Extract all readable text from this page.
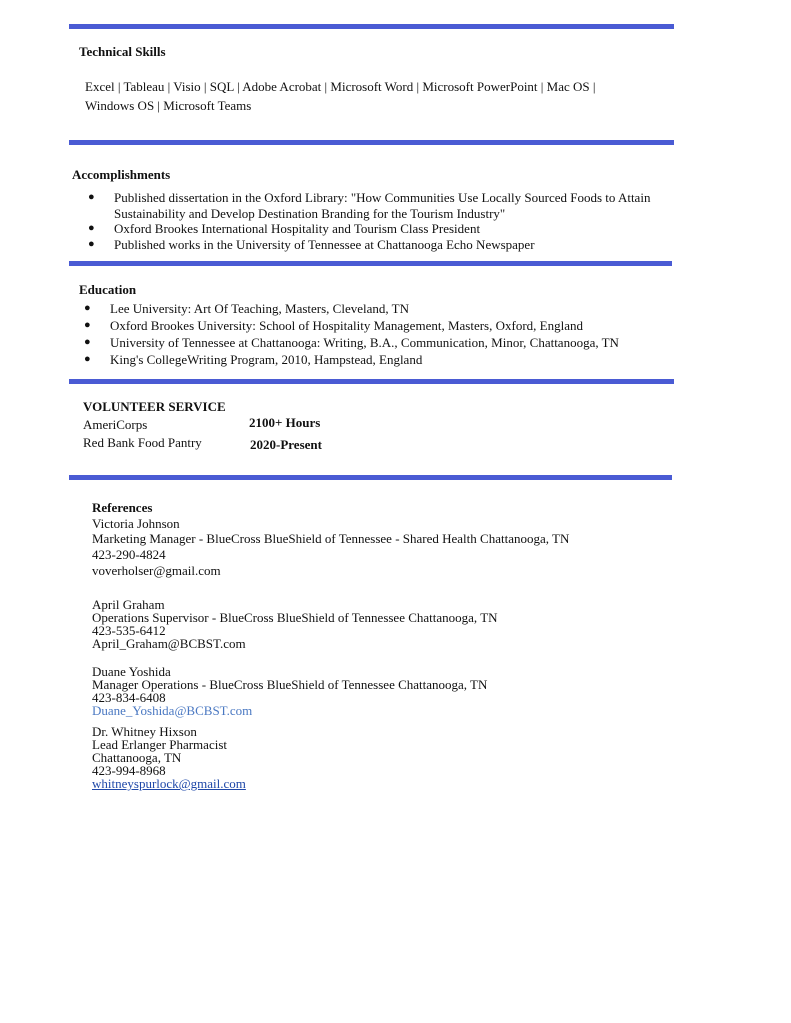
Technical Skills
Excel | Tableau | Visio | SQL | Adobe Acrobat | Microsoft Word | Microsoft PowerPoint | Mac OS |
Windows OS | Microsoft Teams
Accomplishments
● Published dissertation in the Oxford Library: "How Communities Use Locally Sourced Foods to Attain
Sustainability and Develop Destination Branding for the Tourism Industry"
● Oxford Brookes International Hospitality and Tourism Class President
● Published works in the University of Tennessee at Chattanooga Echo Newspaper
Education
● Lee University: Art Of Teaching, Masters, Cleveland, TN
● Oxford Brookes University: School of Hospitality Management, Masters, Oxford, England
● University of Tennessee at Chattanooga: Writing, B.A., Communication, Minor, Chattanooga, TN
● King's CollegeWriting Program, 2010, Hampstead, England
VOLUNTEER SERVICE
AmeriCorps	2100+ Hours
Red Bank Food Pantry	2020-Present
References
Victoria Johnson
Marketing Manager - BlueCross BlueShield of Tennessee - Shared Health Chattanooga, TN
423-290-4824
voverholser@gmail.com
April Graham
Operations Supervisor - BlueCross BlueShield of Tennessee Chattanooga, TN
423-535-6412
April_Graham@BCBST.com
Duane Yoshida
Manager Operations - BlueCross BlueShield of Tennessee Chattanooga, TN
423-834-6408
Duane_Yoshida@BCBST.com
Dr. Whitney Hixson
Lead Erlanger Pharmacist
Chattanooga, TN
423-994-8968
whitneyspurlock@gmail.com
